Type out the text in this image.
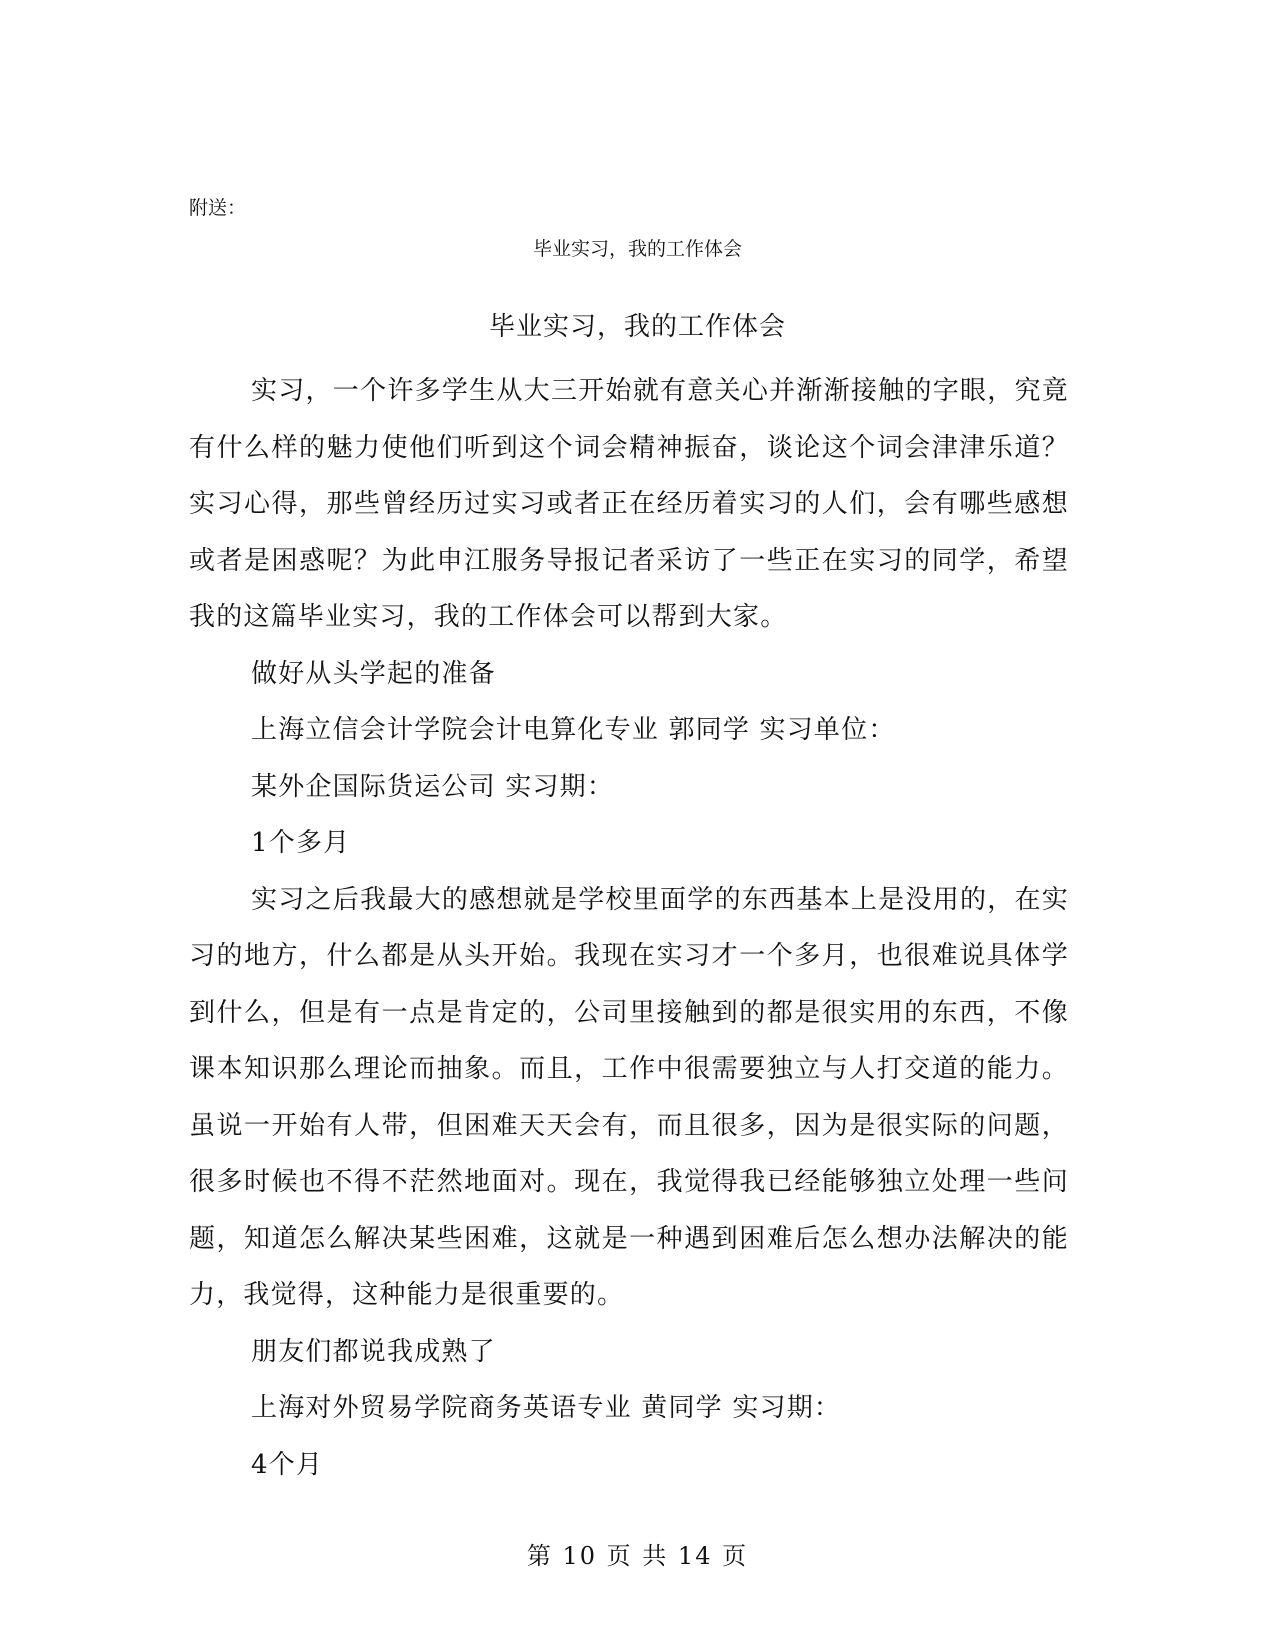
附送：
毕业实习，我的工作体会
毕业实习，我的工作体会

实习，一个许多学生从大三开始就有意关心并渐渐接触的字眼，究竟有什么样的魅力使他们听到这个词会精神振奋，谈论这个词会津津乐道？实习心得，那些曾经历过实习或者正在经历着实习的人们，会有哪些感想或者是困惑呢？为此申江服务导报记者采访了一些正在实习的同学，希望我的这篇毕业实习，我的工作体会可以帮到大家。

做好从头学起的准备

上海立信会计学院会计电算化专业 郭同学 实习单位：

某外企国际货运公司 实习期：

1个多月

实习之后我最大的感想就是学校里面学的东西基本上是没用的，在实习的地方，什么都是从头开始。我现在实习才一个多月，也很难说具体学到什么，但是有一点是肯定的，公司里接触到的都是很实用的东西，不像课本知识那么理论而抽象。而且，工作中很需要独立与人打交道的能力。虽说一开始有人带，但困难天天会有，而且很多，因为是很实际的问题，很多时候也不得不茫然地面对。现在，我觉得我已经能够独立处理一些问题，知道怎么解决某些困难，这就是一种遇到困难后怎么想办法解决的能力，我觉得，这种能力是很重要的。

朋友们都说我成熟了

上海对外贸易学院商务英语专业 黄同学 实习期：

4个月

第 10 页 共 14 页
